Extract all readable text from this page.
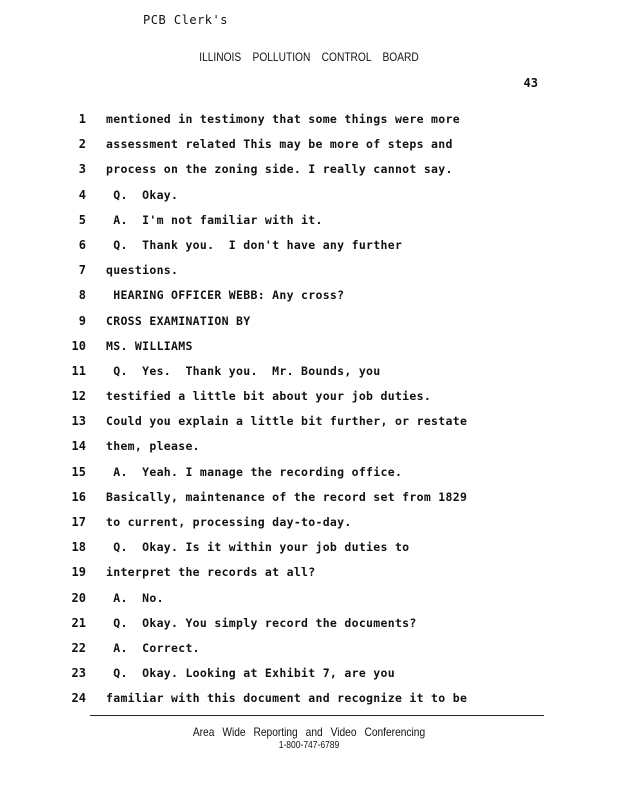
PCB Clerk's
ILLINOIS POLLUTION CONTROL BOARD
43
1 mentioned in testimony that some things were more
2 assessment related This may be more of steps and
3 process on the zoning side. I really cannot say.
4 Q.  Okay.
5 A.  I'm not familiar with it.
6 Q.  Thank you.  I don't have any further
7 questions.
8 HEARING OFFICER WEBB: Any cross?
9 CROSS EXAMINATION BY
10 MS. WILLIAMS
11 Q.  Yes.  Thank you.  Mr. Bounds, you
12 testified a little bit about your job duties.
13 Could you explain a little bit further, or restate
14 them, please.
15 A.  Yeah. I manage the recording office.
16 Basically, maintenance of the record set from 1829
17 to current, processing day-to-day.
18 Q.  Okay. Is it within your job duties to
19 interpret the records at all?
20 A.  No.
21 Q.  Okay. You simply record the documents?
22 A.  Correct.
23 Q.  Okay. Looking at Exhibit 7, are you
24 familiar with this document and recognize it to be
Area Wide Reporting and Video Conferencing
1-800-747-6789
